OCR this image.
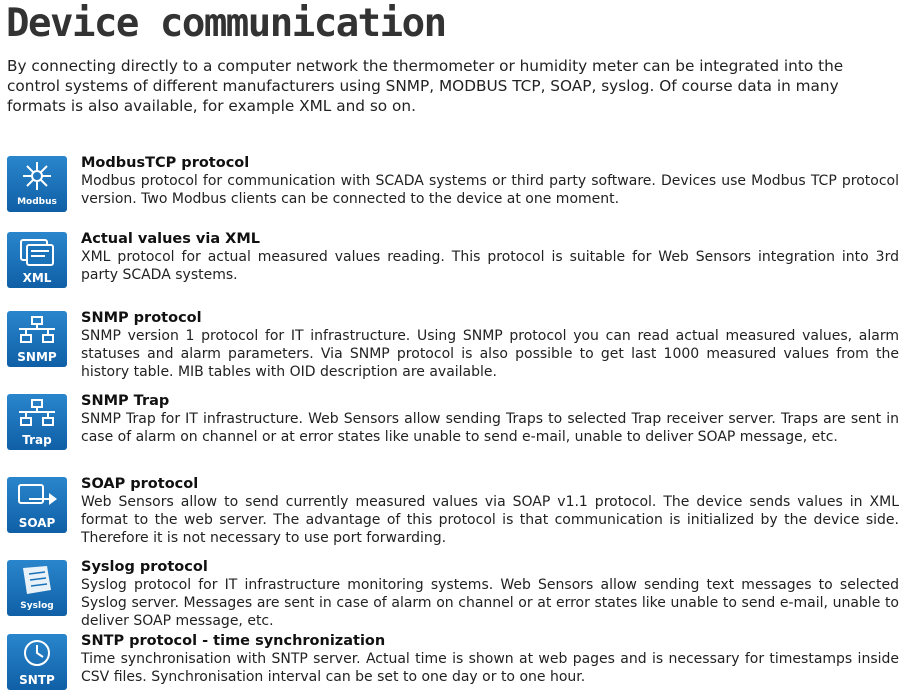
Device communication
By connecting directly to a computer network the thermometer or humidity meter can be integrated into the control systems of different manufacturers using SNMP, MODBUS TCP, SOAP, syslog. Of course data in many formats is also available, for example XML and so on.
Modbus
ModbusTCP protocol

Modbus protocol for communication with SCADA systems or third party software. Devices use Modbus TCP protocol version. Two Modbus clients can be connected to the device at one moment.

XML
Actual values via XML

XML protocol for actual measured values reading. This protocol is suitable for Web Sensors integration into 3rd party SCADA systems.

SNMP
SNMP protocol

SNMP version 1 protocol for IT infrastructure. Using SNMP protocol you can read actual measured values, alarm statuses and alarm parameters. Via SNMP protocol is also possible to get last 1000 measured values from the history table. MIB tables with OID description are available.

Trap
SNMP Trap

SNMP Trap for IT infrastructure. Web Sensors allow sending Traps to selected Trap receiver server. Traps are sent in case of alarm on channel or at error states like unable to send e-mail, unable to deliver SOAP message, etc.

SOAP
SOAP protocol

Web Sensors allow to send currently measured values via SOAP v1.1 protocol. The device sends values in XML format to the web server. The advantage of this protocol is that communication is initialized by the device side. Therefore it is not necessary to use port forwarding.

Syslog
Syslog protocol

Syslog protocol for IT infrastructure monitoring systems. Web Sensors allow sending text messages to selected Syslog server. Messages are sent in case of alarm on channel or at error states like unable to send e-mail, unable to deliver SOAP message, etc.

SNTP
SNTP protocol - time synchronization

Time synchronisation with SNTP server. Actual time is shown at web pages and is necessary for timestamps inside CSV files. Synchronisation interval can be set to one day or to one hour.
